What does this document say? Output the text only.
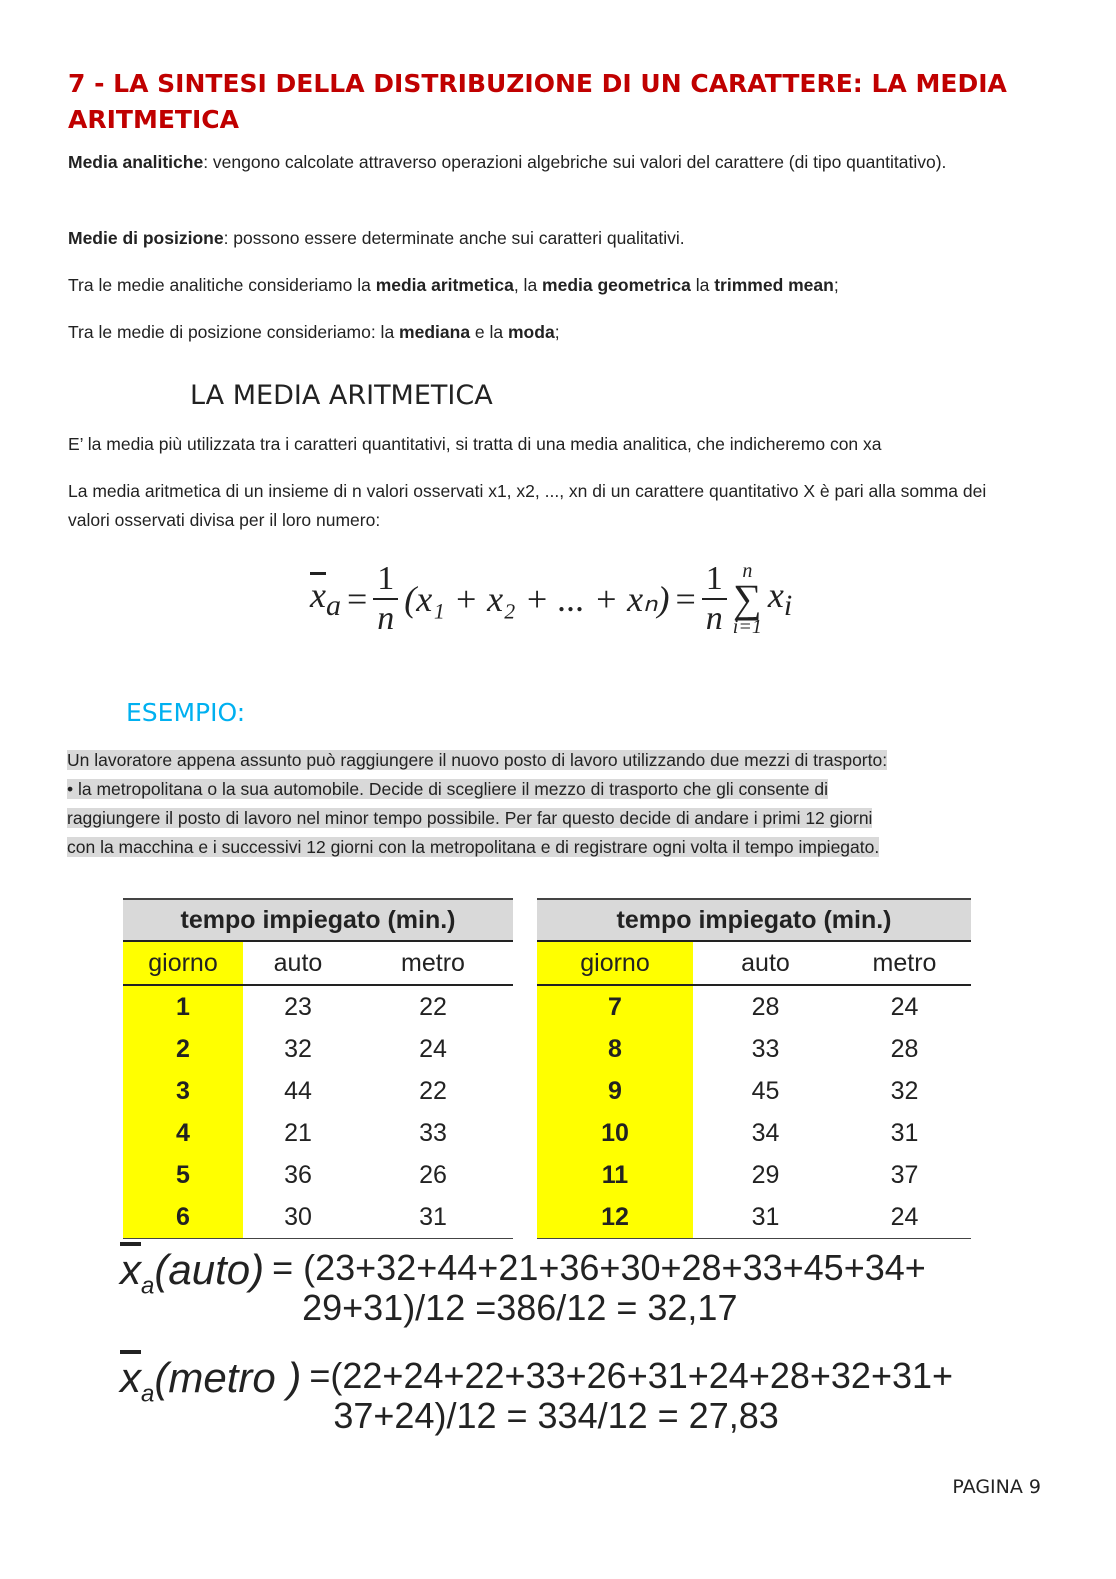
7 - LA SINTESI DELLA DISTRIBUZIONE DI UN CARATTERE: LA MEDIA ARITMETICA
Media analitiche: vengono calcolate attraverso operazioni algebriche sui valori del carattere (di tipo quantitativo).
Medie di posizione: possono essere determinate anche sui caratteri qualitativi.
Tra le medie analitiche consideriamo la media aritmetica, la media geometrica la trimmed mean;
Tra le medie di posizione consideriamo: la mediana e la moda;
LA MEDIA ARITMETICA
E’ la media più utilizzata tra i caratteri quantitativi, si tratta di una media analitica, che indicheremo con xa
La media aritmetica di un insieme di n valori osservati x1, x2, ..., xn di un carattere quantitativo X è pari alla somma dei valori osservati divisa per il loro numero:
$\overline{x}_a = \frac{1}{n} (x_1 + x_2$ + ... + $x_n) = \frac{1}{n}$ n
∑
i=1
$x_i$
ESEMPIO:
Un lavoratore appena assunto può raggiungere il nuovo posto di lavoro utilizzando due mezzi di trasporto:
• la metropolitana o la sua automobile. Decide di scegliere il mezzo di trasporto che gli consente di
raggiungere il posto di lavoro nel minor tempo possibile. Per far questo decide di andare i primi 12 giorni
con la macchina e i successivi 12 giorni con la metropolitana e di registrare ogni volta il tempo impiegato.
tempo impiegato (min.)				tempo impiegato (min.)		
giorno	auto	metro		giorno	auto	metro
1	23	22		7	28	24
2	32	24		8	33	28
3	44	22		9	45	32
4	21	33		10	34	31
5	36	26		11	29	37
6	30	31		12	31	24
$\overline{x}_a(auto) = (23+32+44+21+36+30+28+33+45+34+$
29+31)/12 =386/12 = 32,17
$\overline{x}_a(metro$ ) =(22+24+22+33+26+31+24+28+32+31+
37+24)/12 = 334/12 = 27,83
PAGINA 9
